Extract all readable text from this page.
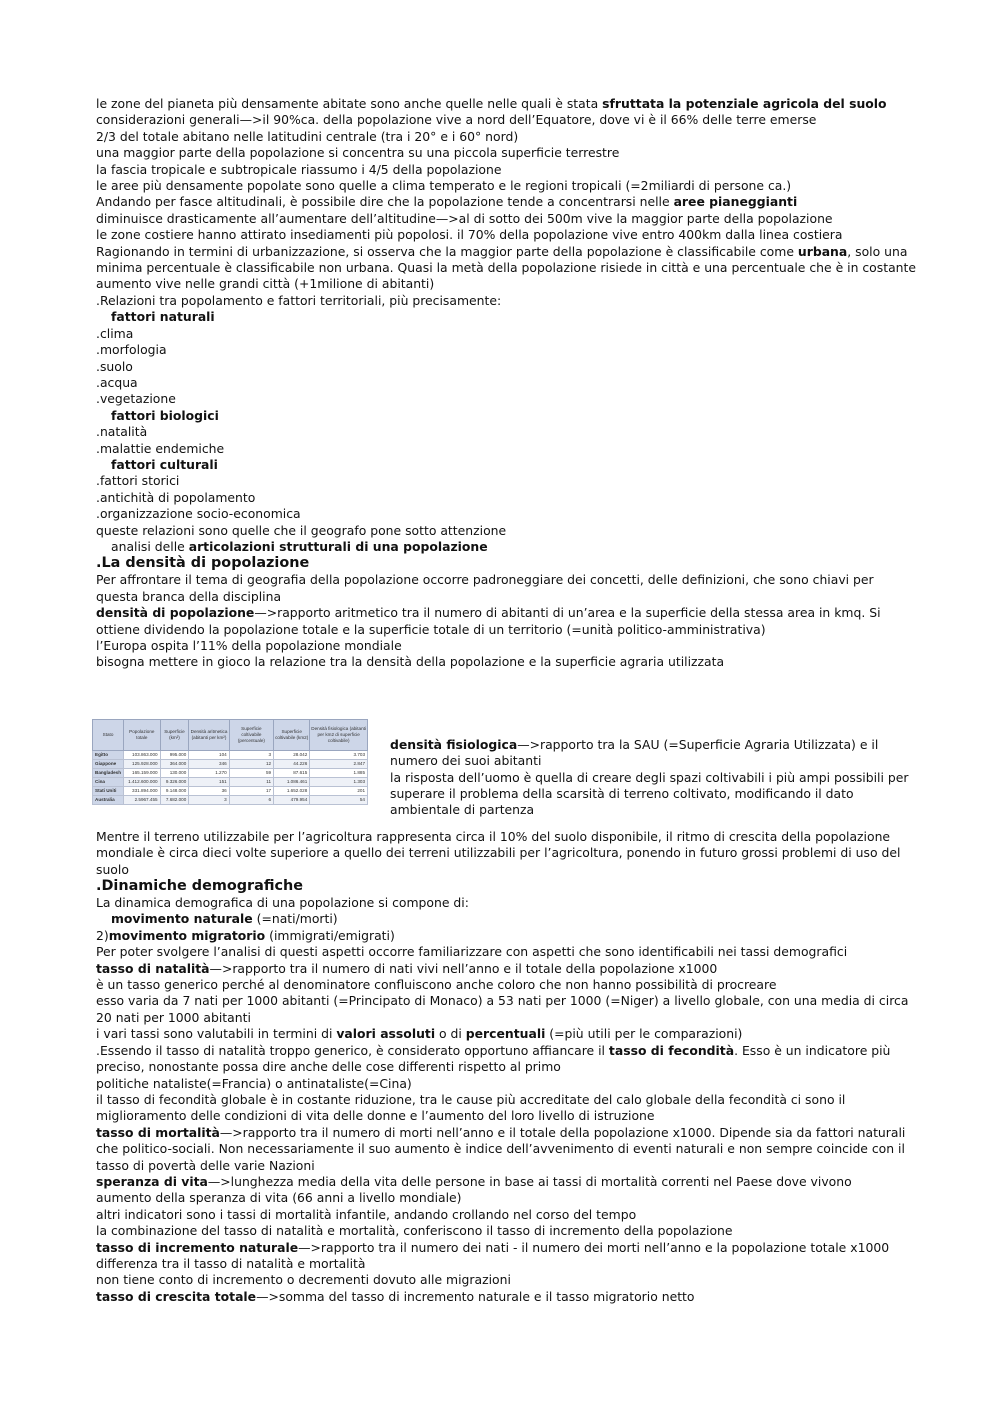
le zone del pianeta più densamente abitate sono anche quelle nelle quali è stata sfruttata la potenziale agricola del suolo
considerazioni generali—>il 90%ca. della popolazione vive a nord dell’Equatore, dove vi è il 66% delle terre emerse
2/3 del totale abitano nelle latitudini centrale (tra i 20° e i 60° nord)
una maggior parte della popolazione si concentra su una piccola superficie terrestre
la fascia tropicale e subtropicale riassumo i 4/5 della popolazione
le aree più densamente popolate sono quelle a clima temperato e le regioni tropicali (=2miliardi di persone ca.)
Andando per fasce altitudinali, è possibile dire che la popolazione tende a concentrarsi nelle aree pianeggianti
diminuisce drasticamente all’aumentare dell’altitudine—>al di sotto dei 500m vive la maggior parte della popolazione
le zone costiere hanno attirato insediamenti più popolosi. il 70% della popolazione vive entro 400km dalla linea costiera
Ragionando in termini di urbanizzazione, si osserva che la maggior parte della popolazione è classificabile come urbana, solo una minima percentuale è classificabile non urbana. Quasi la metà della popolazione risiede in città e una percentuale che è in costante aumento vive nelle grandi città (+1milione di abitanti)
.Relazioni tra popolamento e fattori territoriali, più precisamente:
fattori naturali
.clima
.morfologia
.suolo
.acqua
.vegetazione
fattori biologici
.natalità
.malattie endemiche
fattori culturali
.fattori storici
.antichità di popolamento
.organizzazione socio-economica
queste relazioni sono quelle che il geografo pone sotto attenzione
analisi delle articolazioni strutturali di una popolazione
.La densità di popolazione
Per affrontare il tema di geografia della popolazione occorre padroneggiare dei concetti, delle definizioni, che sono chiavi per questa branca della disciplina
densità di popolazione—>rapporto aritmetico tra il numero di abitanti di un’area e la superficie della stessa area in kmq. Si ottiene dividendo la popolazione totale e la superficie totale di un territorio (=unità politico-amministrativa)
l’Europa ospita l’11% della popolazione mondiale
bisogna mettere in gioco la relazione tra la densità della popolazione e la superficie agraria utilizzata
Stato	Popolazione totale	Superficie (km²)	Densità aritmetica (abitanti per km²)	Superficie coltivabile (percentuale)	Superficie coltivabile (km2)	Densità fisiologica (abitanti per km2 di superficie coltivabile)
Egitto	103.863.000	995.000	104	3	28.042	3.703
Giappone	125.928.000	364.000	346	12	44.226	2.847
Bangladesh	165.159.000	130.000	1.270	59	87.615	1.885
Cina	1.412.600.000	9.326.000	151	11	1.086.461	1.303
Stati Uniti	331.894.000	9.148.000	36	17	1.652.028	201
Australia	2.5967.455	7.682.000	3	6	479.954	54
densità fisiologica—>rapporto tra la SAU (=Superficie Agraria Utilizzata) e il numero dei suoi abitanti
la risposta dell’uomo è quella di creare degli spazi coltivabili i più ampi possibili per superare il problema della scarsità di terreno coltivato, modificando il dato ambientale di partenza
Mentre il terreno utilizzabile per l’agricoltura rappresenta circa il 10% del suolo disponibile, il ritmo di crescita della popolazione mondiale è circa dieci volte superiore a quello dei terreni utilizzabili per l’agricoltura, ponendo in futuro grossi problemi di uso del suolo
.Dinamiche demografiche
La dinamica demografica di una popolazione si compone di:
movimento naturale (=nati/morti)
2)movimento migratorio (immigrati/emigrati)
Per poter svolgere l’analisi di questi aspetti occorre familiarizzare con aspetti che sono identificabili nei tassi demografici
tasso di natalità—>rapporto tra il numero di nati vivi nell’anno e il totale della popolazione x1000
è un tasso generico perché al denominatore confluiscono anche coloro che non hanno possibilità di procreare
esso varia da 7 nati per 1000 abitanti (=Principato di Monaco) a 53 nati per 1000 (=Niger) a livello globale, con una media di circa 20 nati per 1000 abitanti
i vari tassi sono valutabili in termini di valori assoluti o di percentuali (=più utili per le comparazioni)
.Essendo il tasso di natalità troppo generico, è considerato opportuno affiancare il tasso di fecondità. Esso è un indicatore più preciso, nonostante possa dire anche delle cose differenti rispetto al primo
politiche nataliste(=Francia) o antinataliste(=Cina)
il tasso di fecondità globale è in costante riduzione, tra le cause più accreditate del calo globale della fecondità ci sono il miglioramento delle condizioni di vita delle donne e l’aumento del loro livello di istruzione
tasso di mortalità—>rapporto tra il numero di morti nell’anno e il totale della popolazione x1000. Dipende sia da fattori naturali che politico-sociali. Non necessariamente il suo aumento è indice dell’avvenimento di eventi naturali e non sempre coincide con il tasso di povertà delle varie Nazioni
speranza di vita—>lunghezza media della vita delle persone in base ai tassi di mortalità correnti nel Paese dove vivono
aumento della speranza di vita (66 anni a livello mondiale)
altri indicatori sono i tassi di mortalità infantile, andando crollando nel corso del tempo
la combinazione del tasso di natalità e mortalità, conferiscono il tasso di incremento della popolazione
tasso di incremento naturale—>rapporto tra il numero dei nati - il numero dei morti nell’anno e la popolazione totale x1000
differenza tra il tasso di natalità e mortalità
non tiene conto di incremento o decrementi dovuto alle migrazioni
tasso di crescita totale—>somma del tasso di incremento naturale e il tasso migratorio netto
